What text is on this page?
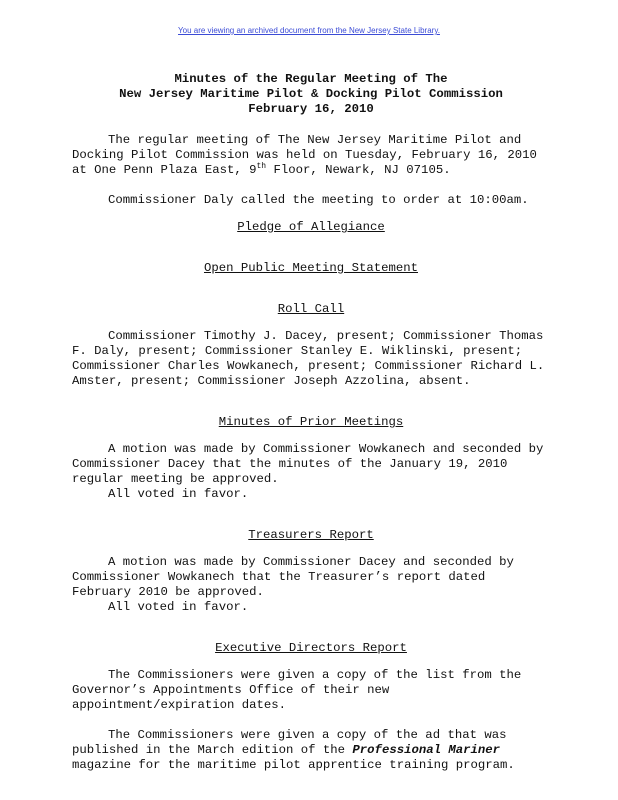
You are viewing an archived document from the New Jersey State Library.
Minutes of the Regular Meeting of The
New Jersey Maritime Pilot & Docking Pilot Commission
February 16, 2010

The regular meeting of The New Jersey Maritime Pilot and Docking Pilot Commission was held on Tuesday, February 16, 2010 at One Penn Plaza East, 9th Floor, Newark, NJ 07105.

Commissioner Daly called the meeting to order at 10:00am.

Pledge of Allegiance
Open Public Meeting Statement
Roll Call

Commissioner Timothy J. Dacey, present; Commissioner Thomas F. Daly, present; Commissioner Stanley E. Wiklinski, present; Commissioner Charles Wowkanech, present; Commissioner Richard L. Amster, present; Commissioner Joseph Azzolina, absent.

Minutes of Prior Meetings

A motion was made by Commissioner Wowkanech and seconded by Commissioner Dacey that the minutes of the January 19, 2010 regular meeting be approved.

All voted in favor.
Treasurers Report

A motion was made by Commissioner Dacey and seconded by Commissioner Wowkanech that the Treasurer’s report dated February 2010 be approved.

All voted in favor.
Executive Directors Report

The Commissioners were given a copy of the list from the Governor’s Appointments Office of their new appointment/expiration dates.

The Commissioners were given a copy of the ad that was published in the March edition of the Professional Mariner magazine for the maritime pilot apprentice training program.
